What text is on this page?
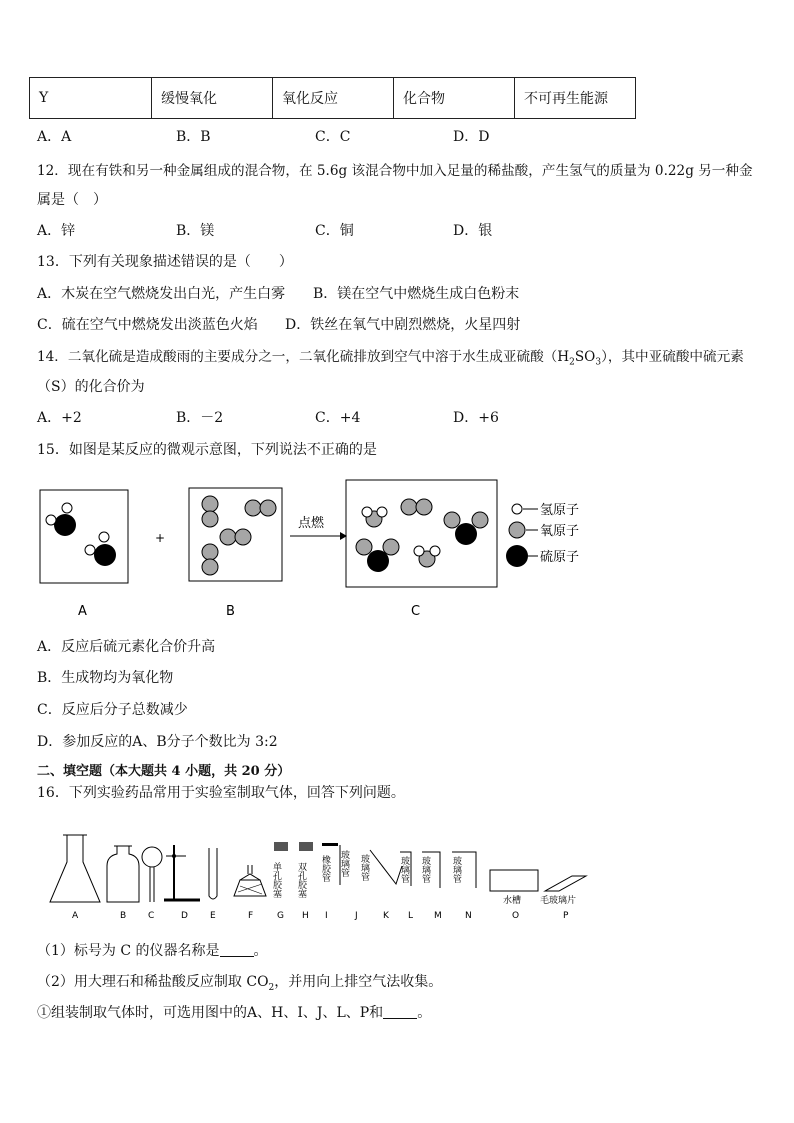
Y	缓慢氧化	氧化反应	化合物	不可再生能源
A．A	B．B	C．C	D．D
12．现在有铁和另一种金属组成的混合物，在 5.6g 该混合物中加入足量的稀盐酸，产生氢气的质量为 0.22g 另一种金
属是（　）
A．锌	B．镁	C．铜	D．银
13．下列有关现象描述错误的是（　　）
A．木炭在空气燃烧发出白光，产生白雾 B．镁在空气中燃烧生成白色粉末
C．硫在空气中燃烧发出淡蓝色火焰 D．铁丝在氧气中剧烈燃烧，火星四射
14．二氧化硫是造成酸雨的主要成分之一，二氧化硫排放到空气中溶于水生成亚硫酸$(H_2SO_3)$，其中亚硫酸中硫元素
（S）的化合价为
A．+2	B．－2	C．+4	D．+6
15．如图是某反应的微观示意图，下列说法不正确的是
+
点燃
氢原子
氧原子
硫原子
A	B	C
A．反应后硫元素化合价升高
B．生成物均为氧化物
C．反应后分子总数减少
D．参加反应的A、B分子个数比为 3:2
二、填空题（本大题共 4 小题，共 20 分）
16．下列实验药品常用于实验室制取气体，回答下列问题。
单孔胶塞 双孔胶塞 橡胶管 玻璃管 玻璃管	玻璃管 玻璃管 玻璃管
水槽 毛玻璃片
A	B C	D E	F	G H I	J	K L M	N	O	P
（1）标号为 C 的仪器名称是 。
（2）用大理石和稀盐酸反应制取 $CO_2$，并用向上排空气法收集。
①组装制取气体时，可选用图中的A、H、I、J、L、P和 。
